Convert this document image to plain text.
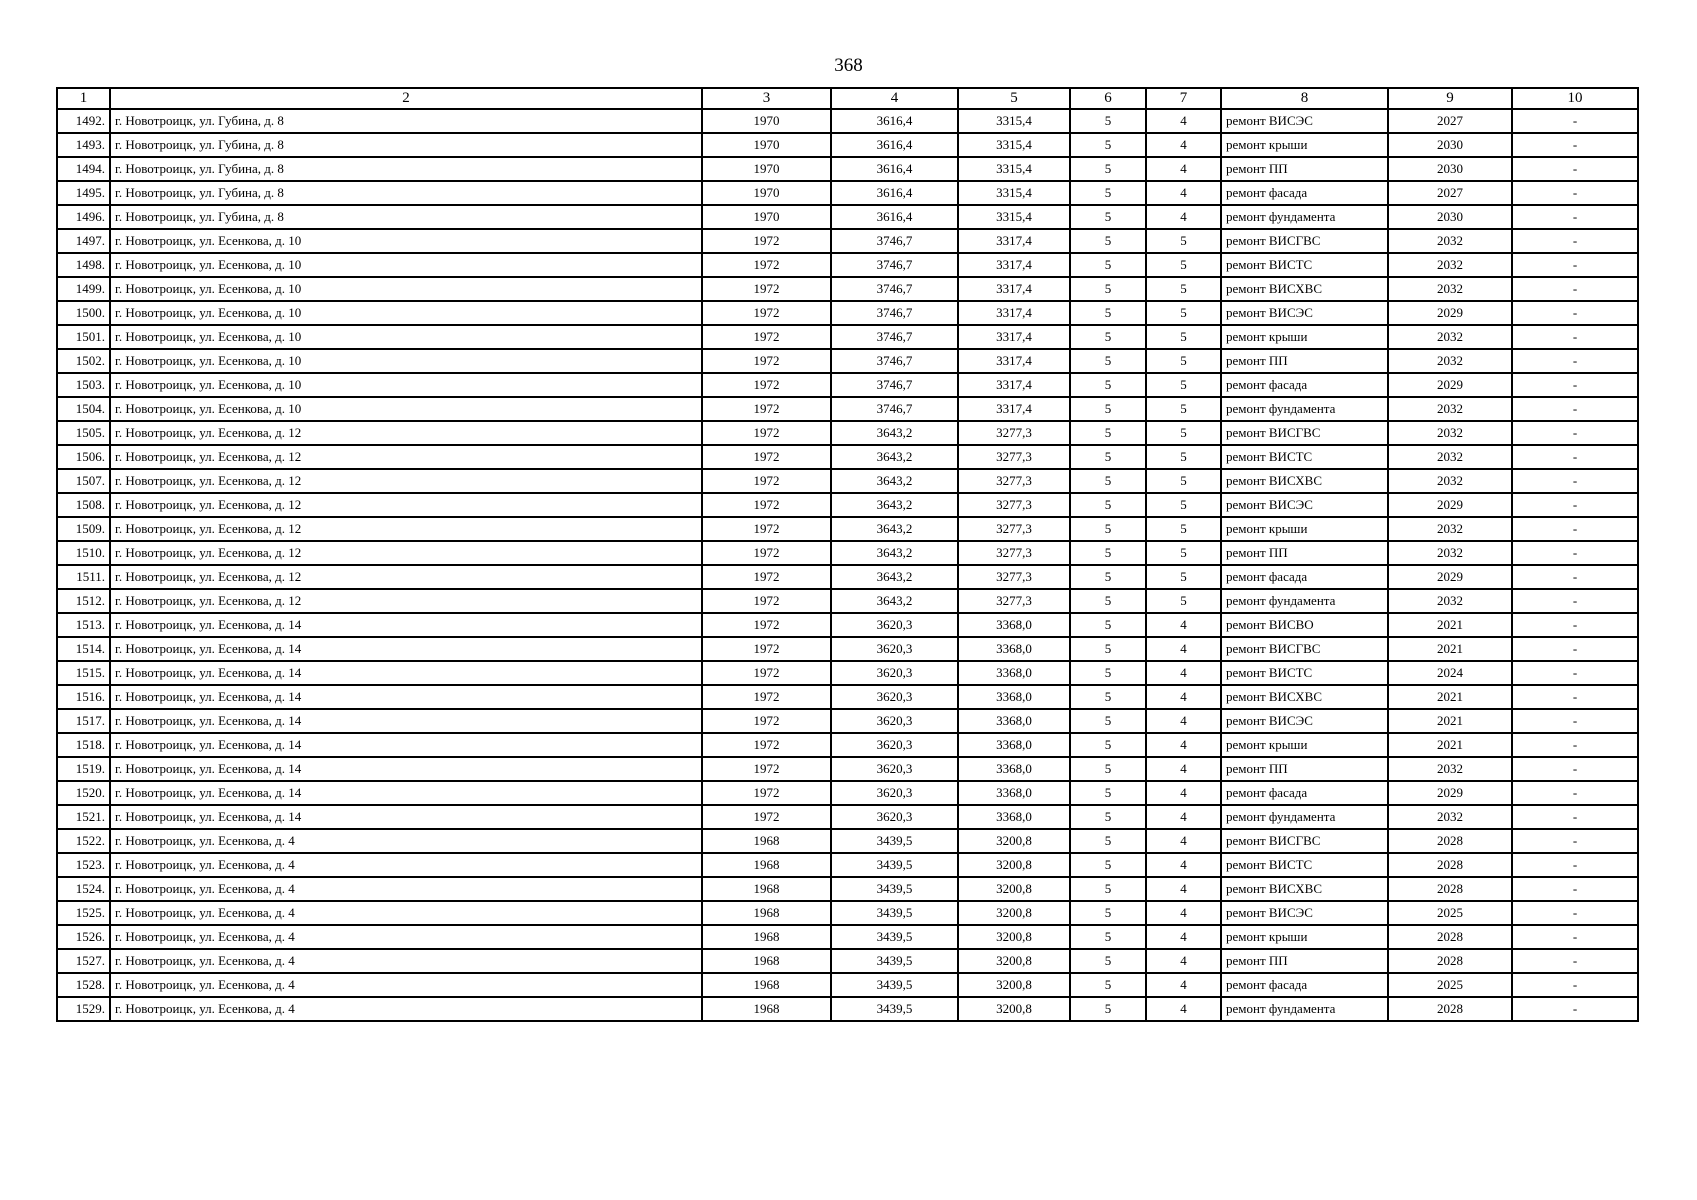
368
1	2	3	4	5	6	7	8	9	10
1492.	г. Новотроицк, ул. Губина, д. 8	1970	3616,4	3315,4	5	4	ремонт ВИСЭС	2027	-
1493.	г. Новотроицк, ул. Губина, д. 8	1970	3616,4	3315,4	5	4	ремонт крыши	2030	-
1494.	г. Новотроицк, ул. Губина, д. 8	1970	3616,4	3315,4	5	4	ремонт ПП	2030	-
1495.	г. Новотроицк, ул. Губина, д. 8	1970	3616,4	3315,4	5	4	ремонт фасада	2027	-
1496.	г. Новотроицк, ул. Губина, д. 8	1970	3616,4	3315,4	5	4	ремонт фундамента	2030	-
1497.	г. Новотроицк, ул. Есенкова, д. 10	1972	3746,7	3317,4	5	5	ремонт ВИСГВС	2032	-
1498.	г. Новотроицк, ул. Есенкова, д. 10	1972	3746,7	3317,4	5	5	ремонт ВИСТС	2032	-
1499.	г. Новотроицк, ул. Есенкова, д. 10	1972	3746,7	3317,4	5	5	ремонт ВИСХВС	2032	-
1500.	г. Новотроицк, ул. Есенкова, д. 10	1972	3746,7	3317,4	5	5	ремонт ВИСЭС	2029	-
1501.	г. Новотроицк, ул. Есенкова, д. 10	1972	3746,7	3317,4	5	5	ремонт крыши	2032	-
1502.	г. Новотроицк, ул. Есенкова, д. 10	1972	3746,7	3317,4	5	5	ремонт ПП	2032	-
1503.	г. Новотроицк, ул. Есенкова, д. 10	1972	3746,7	3317,4	5	5	ремонт фасада	2029	-
1504.	г. Новотроицк, ул. Есенкова, д. 10	1972	3746,7	3317,4	5	5	ремонт фундамента	2032	-
1505.	г. Новотроицк, ул. Есенкова, д. 12	1972	3643,2	3277,3	5	5	ремонт ВИСГВС	2032	-
1506.	г. Новотроицк, ул. Есенкова, д. 12	1972	3643,2	3277,3	5	5	ремонт ВИСТС	2032	-
1507.	г. Новотроицк, ул. Есенкова, д. 12	1972	3643,2	3277,3	5	5	ремонт ВИСХВС	2032	-
1508.	г. Новотроицк, ул. Есенкова, д. 12	1972	3643,2	3277,3	5	5	ремонт ВИСЭС	2029	-
1509.	г. Новотроицк, ул. Есенкова, д. 12	1972	3643,2	3277,3	5	5	ремонт крыши	2032	-
1510.	г. Новотроицк, ул. Есенкова, д. 12	1972	3643,2	3277,3	5	5	ремонт ПП	2032	-
1511.	г. Новотроицк, ул. Есенкова, д. 12	1972	3643,2	3277,3	5	5	ремонт фасада	2029	-
1512.	г. Новотроицк, ул. Есенкова, д. 12	1972	3643,2	3277,3	5	5	ремонт фундамента	2032	-
1513.	г. Новотроицк, ул. Есенкова, д. 14	1972	3620,3	3368,0	5	4	ремонт ВИСВО	2021	-
1514.	г. Новотроицк, ул. Есенкова, д. 14	1972	3620,3	3368,0	5	4	ремонт ВИСГВС	2021	-
1515.	г. Новотроицк, ул. Есенкова, д. 14	1972	3620,3	3368,0	5	4	ремонт ВИСТС	2024	-
1516.	г. Новотроицк, ул. Есенкова, д. 14	1972	3620,3	3368,0	5	4	ремонт ВИСХВС	2021	-
1517.	г. Новотроицк, ул. Есенкова, д. 14	1972	3620,3	3368,0	5	4	ремонт ВИСЭС	2021	-
1518.	г. Новотроицк, ул. Есенкова, д. 14	1972	3620,3	3368,0	5	4	ремонт крыши	2021	-
1519.	г. Новотроицк, ул. Есенкова, д. 14	1972	3620,3	3368,0	5	4	ремонт ПП	2032	-
1520.	г. Новотроицк, ул. Есенкова, д. 14	1972	3620,3	3368,0	5	4	ремонт фасада	2029	-
1521.	г. Новотроицк, ул. Есенкова, д. 14	1972	3620,3	3368,0	5	4	ремонт фундамента	2032	-
1522.	г. Новотроицк, ул. Есенкова, д. 4	1968	3439,5	3200,8	5	4	ремонт ВИСГВС	2028	-
1523.	г. Новотроицк, ул. Есенкова, д. 4	1968	3439,5	3200,8	5	4	ремонт ВИСТС	2028	-
1524.	г. Новотроицк, ул. Есенкова, д. 4	1968	3439,5	3200,8	5	4	ремонт ВИСХВС	2028	-
1525.	г. Новотроицк, ул. Есенкова, д. 4	1968	3439,5	3200,8	5	4	ремонт ВИСЭС	2025	-
1526.	г. Новотроицк, ул. Есенкова, д. 4	1968	3439,5	3200,8	5	4	ремонт крыши	2028	-
1527.	г. Новотроицк, ул. Есенкова, д. 4	1968	3439,5	3200,8	5	4	ремонт ПП	2028	-
1528.	г. Новотроицк, ул. Есенкова, д. 4	1968	3439,5	3200,8	5	4	ремонт фасада	2025	-
1529.	г. Новотроицк, ул. Есенкова, д. 4	1968	3439,5	3200,8	5	4	ремонт фундамента	2028	-
